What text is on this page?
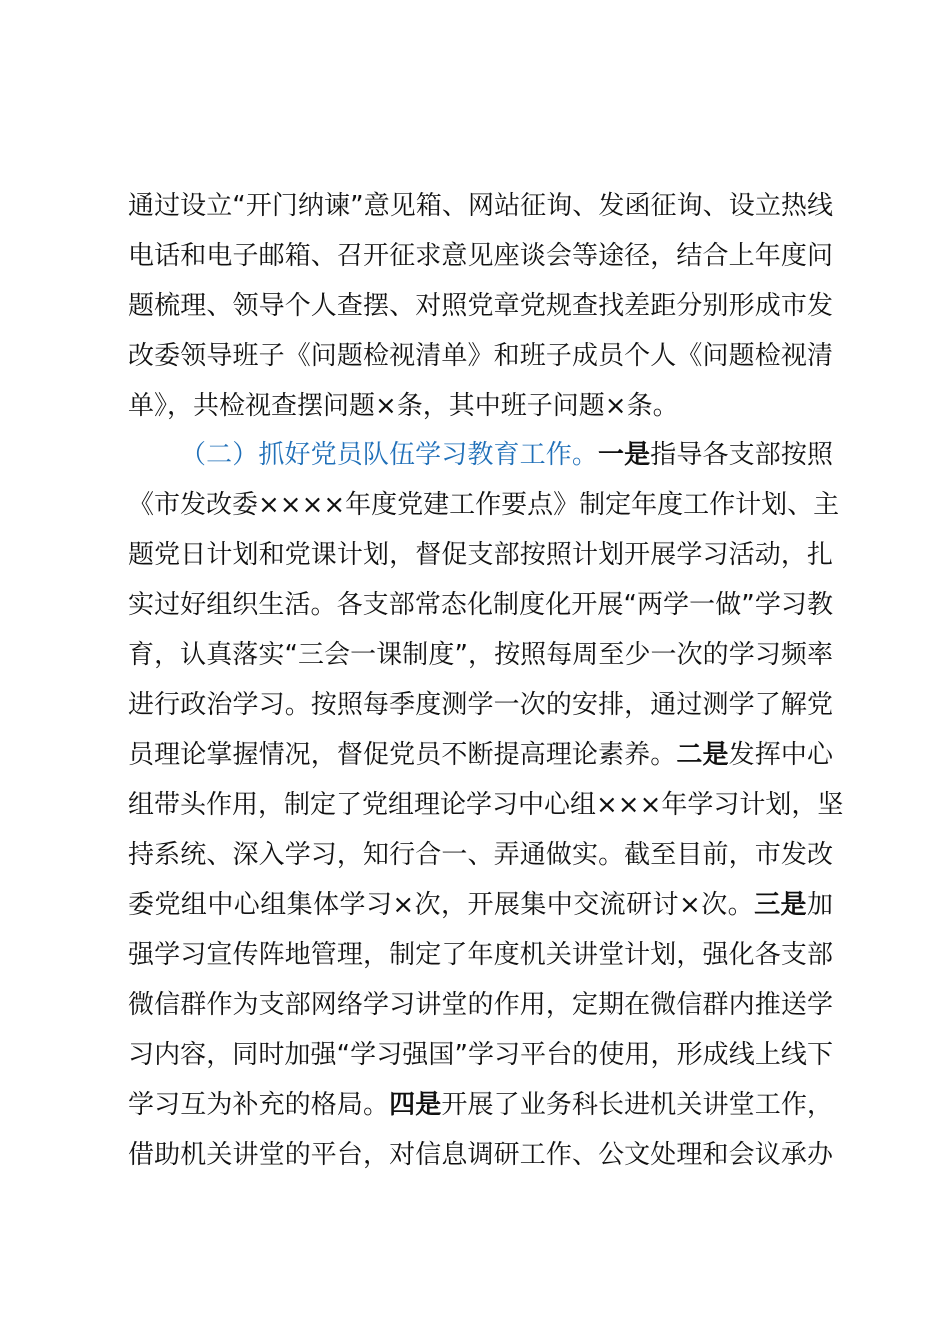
通过设立“开门纳谏”意见箱、网站征询、发函征询、设立热线
电话和电子邮箱、召开征求意见座谈会等途径，结合上年度问
题梳理、领导个人查摆、对照党章党规查找差距分别形成市发
改委领导班子《问题检视清单》和班子成员个人《问题检视清
单》，共检视查摆问题×条，其中班子问题×条。
（二）抓好党员队伍学习教育工作。一是指导各支部按照
《市发改委××××年度党建工作要点》制定年度工作计划、主
题党日计划和党课计划，督促支部按照计划开展学习活动，扎
实过好组织生活。各支部常态化制度化开展“两学一做”学习教
育，认真落实“三会一课制度”，按照每周至少一次的学习频率
进行政治学习。按照每季度测学一次的安排，通过测学了解党
员理论掌握情况，督促党员不断提高理论素养。二是发挥中心
组带头作用，制定了党组理论学习中心组×××年学习计划，坚
持系统、深入学习，知行合一、弄通做实。截至目前，市发改
委党组中心组集体学习×次，开展集中交流研讨×次。三是加
强学习宣传阵地管理，制定了年度机关讲堂计划，强化各支部
微信群作为支部网络学习讲堂的作用，定期在微信群内推送学
习内容，同时加强“学习强国”学习平台的使用，形成线上线下
学习互为补充的格局。四是开展了业务科长进机关讲堂工作，
借助机关讲堂的平台，对信息调研工作、公文处理和会议承办
